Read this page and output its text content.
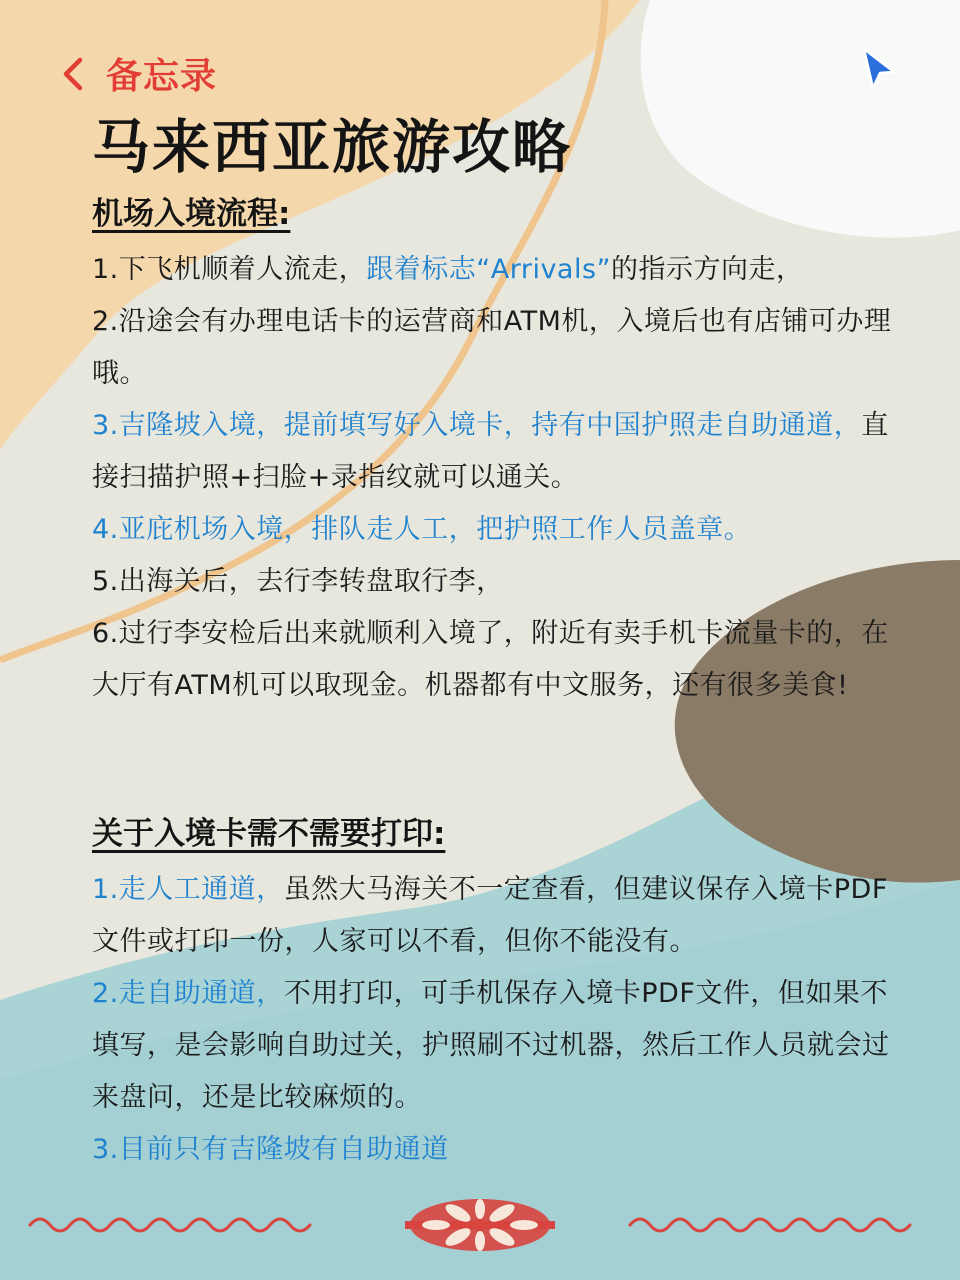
备忘录
马来西亚旅游攻略
机场入境流程:

1.下飞机顺着人流走，跟着标志“Arrivals”的指示方向走，

2.沿途会有办理电话卡的运营商和ATM机，入境后也有店铺可办理哦。

3.吉隆坡入境，提前填写好入境卡，持有中国护照走自助通道，直接扫描护照+扫脸+录指纹就可以通关。

4.亚庇机场入境，排队走人工，把护照工作人员盖章。

5.出海关后，去行李转盘取行李，

6.过行李安检后出来就顺利入境了，附近有卖手机卡流量卡的，在大厅有ATM机可以取现金。机器都有中文服务，还有很多美食!

关于入境卡需不需要打印:

1.走人工通道，虽然大马海关不一定查看，但建议保存入境卡PDF文件或打印一份，人家可以不看，但你不能没有。

2.走自助通道，不用打印，可手机保存入境卡PDF文件，但如果不填写，是会影响自助过关，护照刷不过机器，然后工作人员就会过来盘问，还是比较麻烦的。

3.目前只有吉隆坡有自助通道
